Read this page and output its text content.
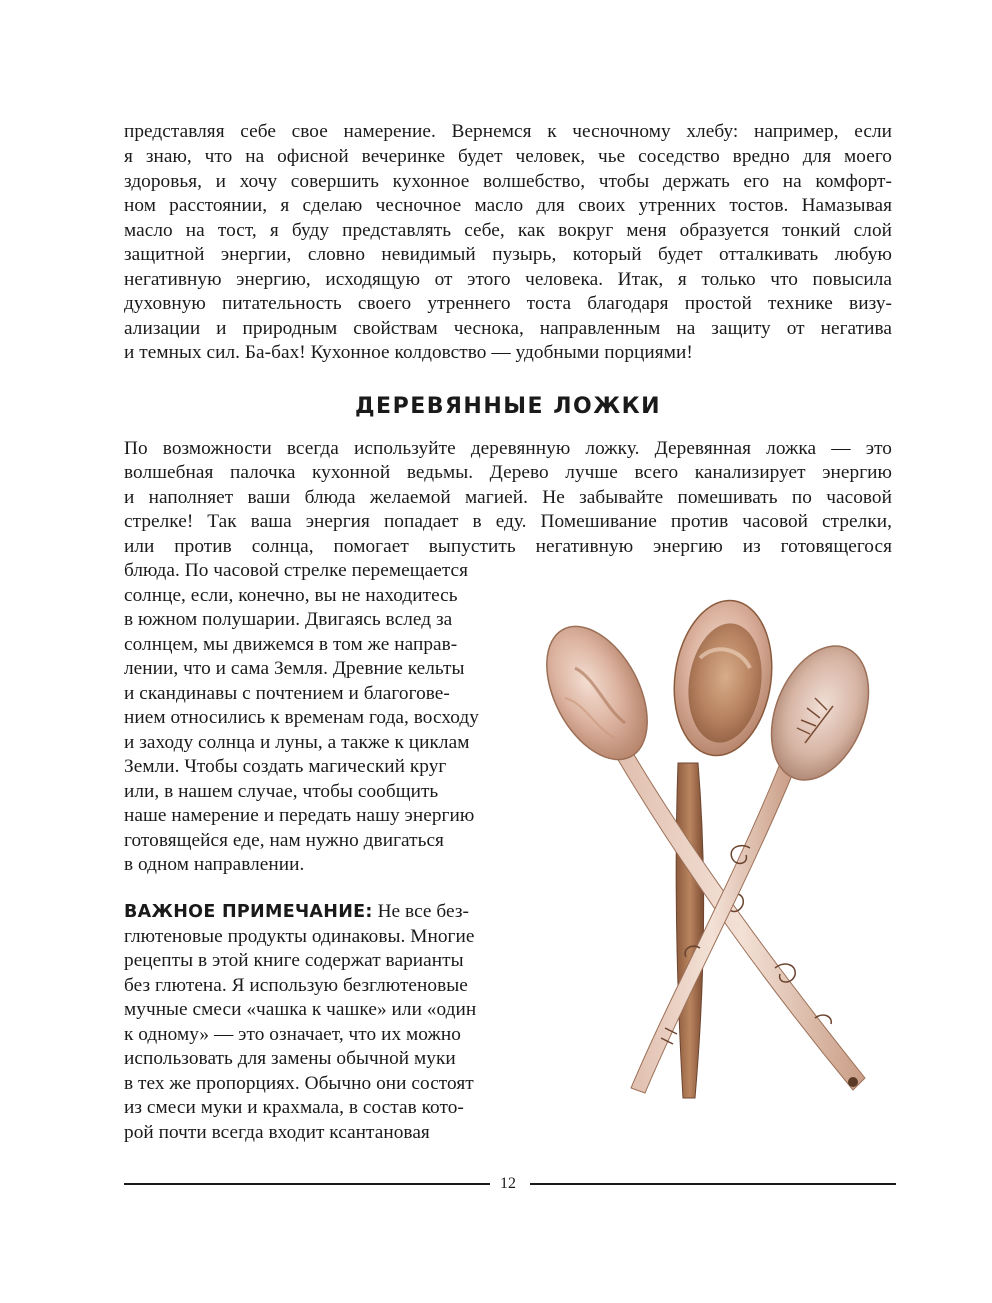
представляя себе свое намерение. Вернемся к чесночному хлебу: например, если
я знаю, что на офисной вечеринке будет человек, чье соседство вредно для моего
здоровья, и хочу совершить кухонное волшебство, чтобы держать его на комфорт-
ном расстоянии, я сделаю чесночное масло для своих утренних тостов. Намазывая
масло на тост, я буду представлять себе, как вокруг меня образуется тонкий слой
защитной энергии, словно невидимый пузырь, который будет отталкивать любую
негативную энергию, исходящую от этого человека. Итак, я только что повысила
духовную питательность своего утреннего тоста благодаря простой технике визу-
ализации и природным свойствам чеснока, направленным на защиту от негатива
и темных сил. Ба-бах! Кухонное колдовство — удобными порциями!
ДЕРЕВЯННЫЕ ЛОЖКИ
По возможности всегда используйте деревянную ложку. Деревянная ложка — это
волшебная палочка кухонной ведьмы. Дерево лучше всего канализирует энергию
и наполняет ваши блюда желаемой магией. Не забывайте помешивать по часовой
стрелке! Так ваша энергия попадает в еду. Помешивание против часовой стрелки,
или против солнца, помогает выпустить негативную энергию из готовящегося
блюда. По часовой стрелке перемещается
солнце, если, конечно, вы не находитесь
в южном полушарии. Двигаясь вслед за
солнцем, мы движемся в том же направ-
лении, что и сама Земля. Древние кельты
и скандинавы с почтением и благогове-
нием относились к временам года, восходу
и заходу солнца и луны, а также к циклам
Земли. Чтобы создать магический круг
или, в нашем случае, чтобы сообщить
наше намерение и передать нашу энергию
готовящейся еде, нам нужно двигаться
в одном направлении.
ВАЖНОЕ ПРИМЕЧАНИЕ: Не все без-
глютеновые продукты одинаковы. Многие
рецепты в этой книге содержат варианты
без глютена. Я использую безглютеновые
мучные смеси «чашка к чашке» или «один
к одному» — это означает, что их можно
использовать для замены обычной муки
в тех же пропорциях. Обычно они состоят
из смеси муки и крахмала, в состав кото-
рой почти всегда входит ксантановая
12
